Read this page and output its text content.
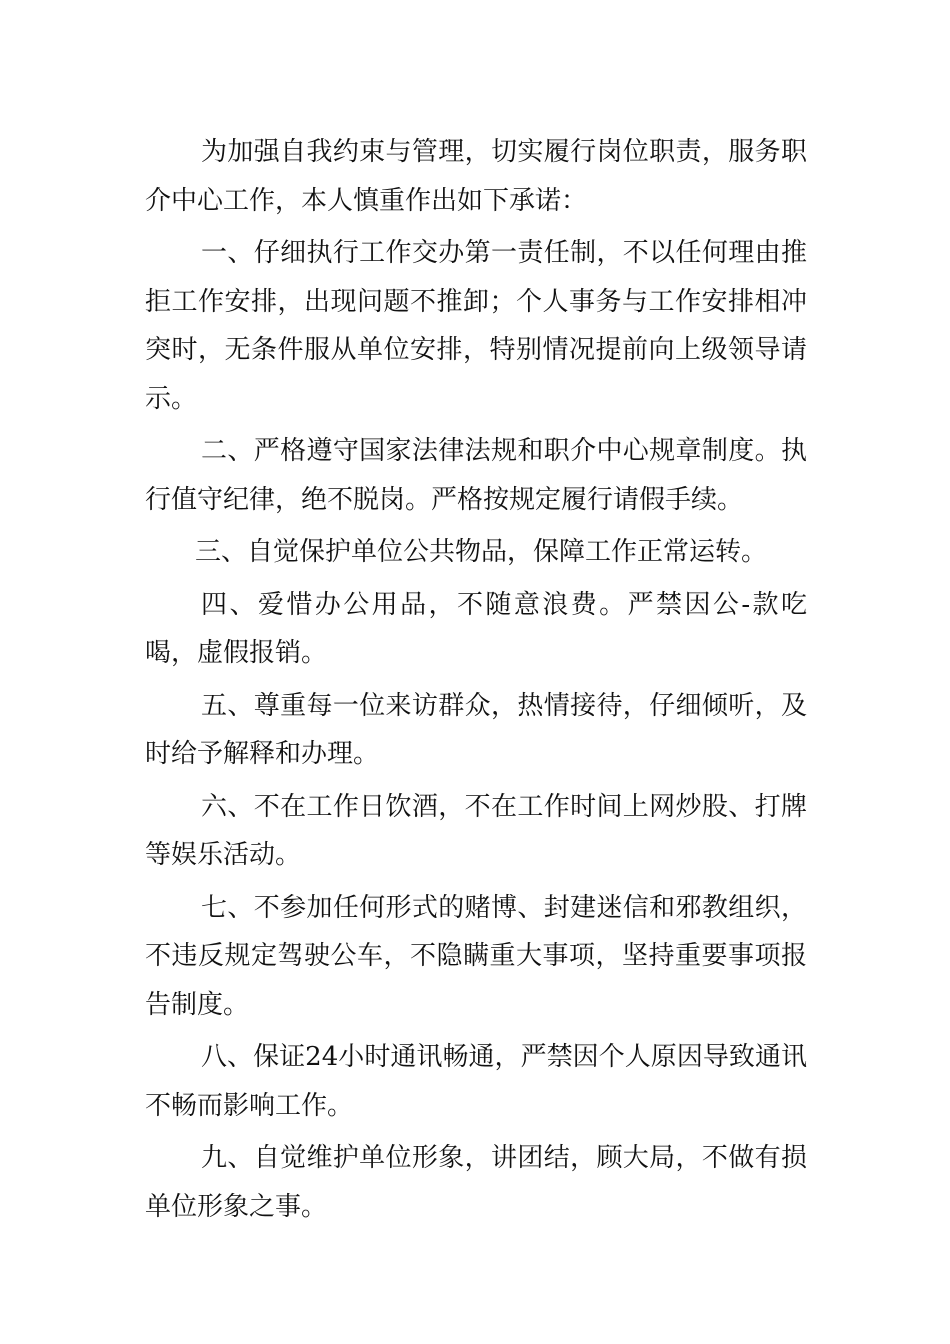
为加强自我约束与管理，切实履行岗位职责，服务职介中心工作，本人慎重作出如下承诺：

一、仔细执行工作交办第一责任制，不以任何理由推拒工作安排，出现问题不推卸；个人事务与工作安排相冲突时，无条件服从单位安排，特别情况提前向上级领导请示。

二、严格遵守国家法律法规和职介中心规章制度。执行值守纪律，绝不脱岗。严格按规定履行请假手续。

三、自觉保护单位公共物品，保障工作正常运转。

四、爱惜办公用品，不随意浪费。严禁因公-款吃喝，虚假报销。

五、尊重每一位来访群众，热情接待，仔细倾听，及时给予解释和办理。

六、不在工作日饮酒，不在工作时间上网炒股、打牌等娱乐活动。

七、不参加任何形式的赌博、封建迷信和邪教组织，不违反规定驾驶公车，不隐瞒重大事项，坚持重要事项报告制度。

八、保证24小时通讯畅通，严禁因个人原因导致通讯不畅而影响工作。

九、自觉维护单位形象，讲团结，顾大局，不做有损单位形象之事。
